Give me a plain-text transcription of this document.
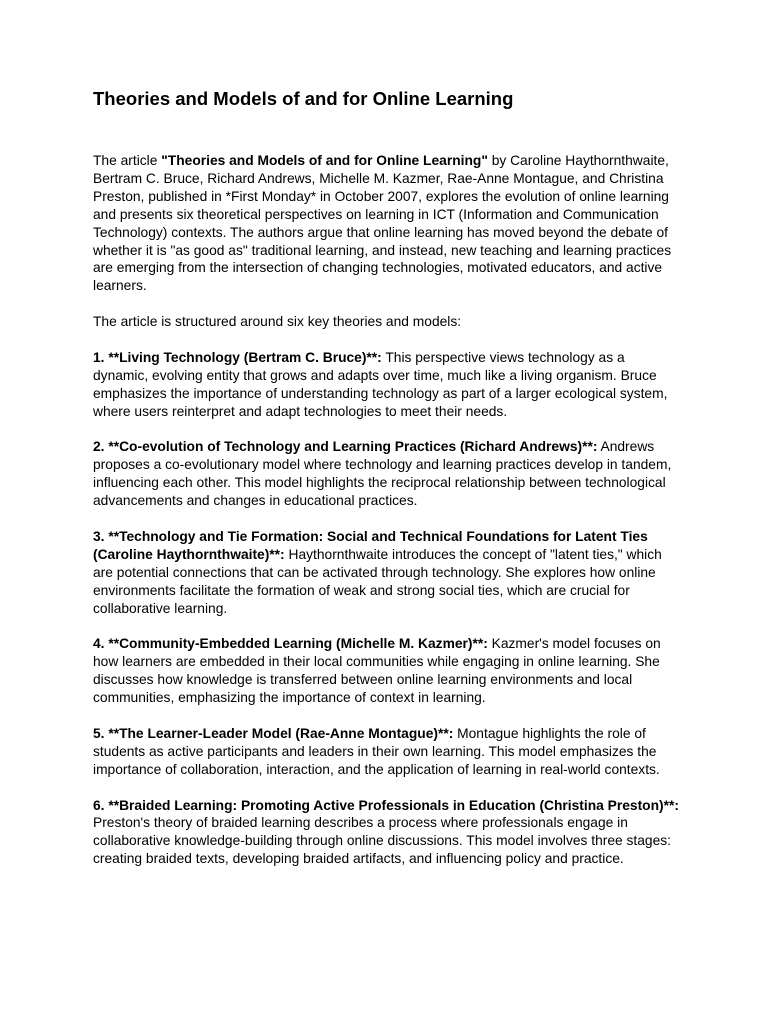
Theories and Models of and for Online Learning

The article "Theories and Models of and for Online Learning" by Caroline Haythornthwaite, Bertram C. Bruce, Richard Andrews, Michelle M. Kazmer, Rae-Anne Montague, and Christina Preston, published in *First Monday* in October 2007, explores the evolution of online learning and presents six theoretical perspectives on learning in ICT (Information and Communication Technology) contexts. The authors argue that online learning has moved beyond the debate of whether it is "as good as" traditional learning, and instead, new teaching and learning practices are emerging from the intersection of changing technologies, motivated educators, and active learners.

The article is structured around six key theories and models:

1. **Living Technology (Bertram C. Bruce)**: This perspective views technology as a dynamic, evolving entity that grows and adapts over time, much like a living organism. Bruce emphasizes the importance of understanding technology as part of a larger ecological system, where users reinterpret and adapt technologies to meet their needs.

2. **Co-evolution of Technology and Learning Practices (Richard Andrews)**: Andrews proposes a co-evolutionary model where technology and learning practices develop in tandem, influencing each other. This model highlights the reciprocal relationship between technological advancements and changes in educational practices.

3. **Technology and Tie Formation: Social and Technical Foundations for Latent Ties (Caroline Haythornthwaite)**: Haythornthwaite introduces the concept of "latent ties," which are potential connections that can be activated through technology. She explores how online environments facilitate the formation of weak and strong social ties, which are crucial for collaborative learning.

4. **Community-Embedded Learning (Michelle M. Kazmer)**: Kazmer's model focuses on how learners are embedded in their local communities while engaging in online learning. She discusses how knowledge is transferred between online learning environments and local communities, emphasizing the importance of context in learning.

5. **The Learner-Leader Model (Rae-Anne Montague)**: Montague highlights the role of students as active participants and leaders in their own learning. This model emphasizes the importance of collaboration, interaction, and the application of learning in real-world contexts.

6. **Braided Learning: Promoting Active Professionals in Education (Christina Preston)**: Preston's theory of braided learning describes a process where professionals engage in collaborative knowledge-building through online discussions. This model involves three stages: creating braided texts, developing braided artifacts, and influencing policy and practice.
